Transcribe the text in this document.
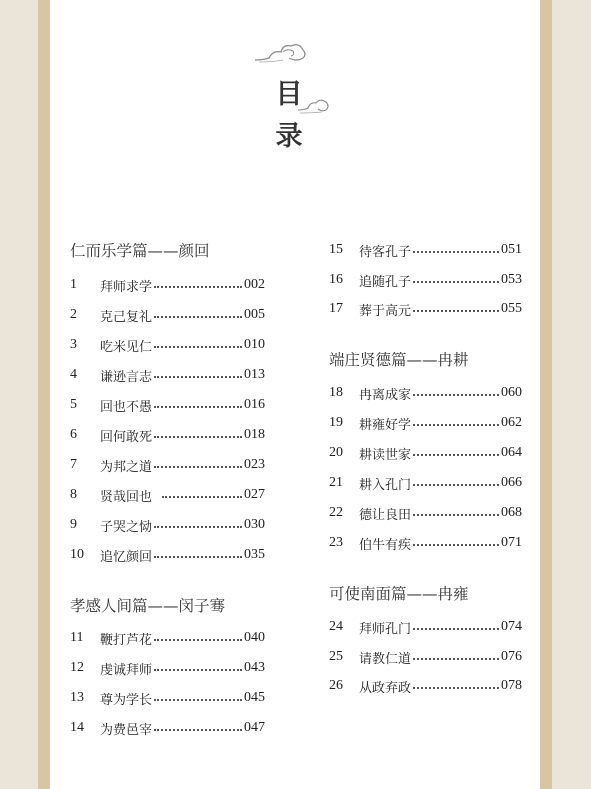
目
录
仁而乐学篇——颜回
1	拜师求学	002
2	克己复礼	005
3	吃米见仁	010
4	谦逊言志	013
5	回也不愚	016
6	回何敢死	018
7	为邦之道	023
8	贤哉回也	027
9	子哭之恸	030
10	追忆颜回	035
孝感人间篇——闵子骞
11	鞭打芦花	040
12	虔诚拜师	043
13	尊为学长	045
14	为费邑宰	047
15	待客孔子	051
16	追随孔子	053
17	葬于高元	055
端庄贤德篇——冉耕
18	冉离成家	060
19	耕雍好学	062
20	耕读世家	064
21	耕入孔门	066
22	德让良田	068
23	伯牛有疾	071
可使南面篇——冉雍
24	拜师孔门	074
25	请教仁道	076
26	从政弃政	078
